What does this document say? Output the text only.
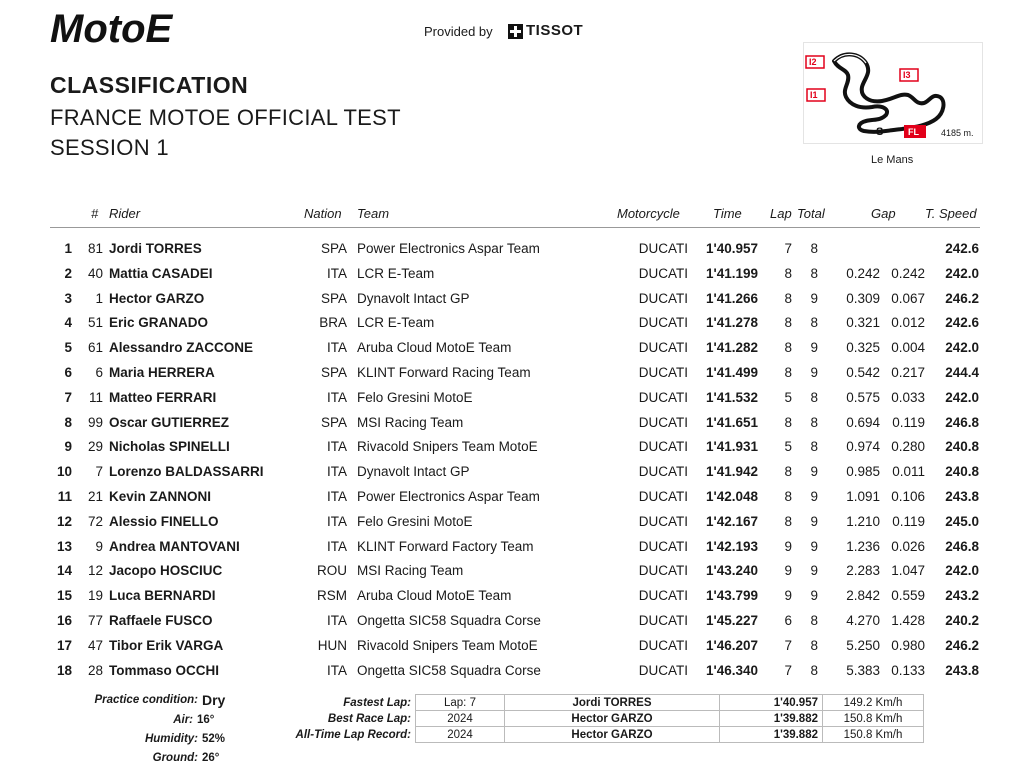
MotoE	Provided by TISSOT
CLASSIFICATION
FRANCE MOTOE OFFICIAL TEST
SESSION 1
I2
I1
I3
S	FL 4185 m.
Le Mans
# Rider	Nation Team	Motorcycle	Time Lap Total	Gap T. Speed
1 81 Jordi TORRES	SPA Power Electronics Aspar Team	DUCATI 1'40.957 7 8	242.6
2 40 Mattia CASADEI	ITA LCR E-Team	DUCATI 1'41.199 8 8 0.242 0.242 242.0
3 1 Hector GARZO	SPA Dynavolt Intact GP	DUCATI 1'41.266 8 9 0.309 0.067 246.2
4 51 Eric GRANADO	BRA LCR E-Team	DUCATI 1'41.278 8 8 0.321 0.012 242.6
5 61 Alessandro ZACCONE	ITA Aruba Cloud MotoE Team	DUCATI 1'41.282 8 9 0.325 0.004 242.0
6 6 Maria HERRERA	SPA KLINT Forward Racing Team	DUCATI 1'41.499 8 9 0.542 0.217 244.4
7 11 Matteo FERRARI	ITA Felo Gresini MotoE	DUCATI 1'41.532 5 8 0.575 0.033 242.0
8 99 Oscar GUTIERREZ	SPA MSI Racing Team	DUCATI 1'41.651 8 8 0.694 0.119 246.8
9 29 Nicholas SPINELLI	ITA Rivacold Snipers Team MotoE	DUCATI 1'41.931 5 8 0.974 0.280 240.8
10 7 Lorenzo BALDASSARRI	ITA Dynavolt Intact GP	DUCATI 1'41.942 8 9 0.985 0.011 240.8
11 21 Kevin ZANNONI	ITA Power Electronics Aspar Team	DUCATI 1'42.048 8 9 1.091 0.106 243.8
12 72 Alessio FINELLO	ITA Felo Gresini MotoE	DUCATI 1'42.167 8 9 1.210 0.119 245.0
13 9 Andrea MANTOVANI	ITA KLINT Forward Factory Team	DUCATI 1'42.193 9 9 1.236 0.026 246.8
14 12 Jacopo HOSCIUC	ROU MSI Racing Team	DUCATI 1'43.240 9 9 2.283 1.047 242.0
15 19 Luca BERNARDI	RSM Aruba Cloud MotoE Team	DUCATI 1'43.799 9 9 2.842 0.559 243.2
16 77 Raffaele FUSCO	ITA Ongetta SIC58 Squadra Corse	DUCATI 1'45.227 6 8 4.270 1.428 240.2
17 47 Tibor Erik VARGA	HUN Rivacold Snipers Team MotoE	DUCATI 1'46.207 7 8 5.250 0.980 246.2
18 28 Tommaso OCCHI	ITA Ongetta SIC58 Squadra Corse	DUCATI 1'46.340 7 8 5.383 0.133 243.8
Practice condition: Dry
Air: 16°
Humidity: 52%
Ground: 26°
Fastest Lap:	Lap: 7	Jordi TORRES	1'40.957	149.2 Km/h
Best Race Lap:	2024	Hector GARZO	1'39.882	150.8 Km/h
All-Time Lap Record:	2024	Hector GARZO	1'39.882	150.8 Km/h
